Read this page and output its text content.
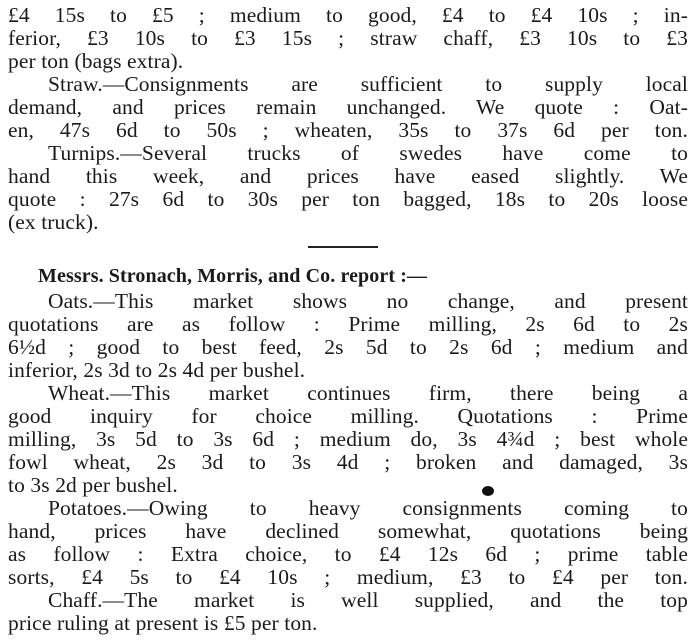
£4 15s to £5 ; medium to good, £4 to £4 10s ; in-
ferior, £3 10s to £3 15s ; straw chaff, £3 10s to £3
per ton (bags extra).
Straw.—Consignments are sufficient to supply local
demand, and prices remain unchanged. We quote : Oat-
en, 47s 6d to 50s ; wheaten, 35s to 37s 6d per ton.
Turnips.—Several trucks of swedes have come to
hand this week, and prices have eased slightly. We
quote : 27s 6d to 30s per ton bagged, 18s to 20s loose
(ex truck).
Messrs. Stronach, Morris, and Co. report :—
Oats.—This market shows no change, and present
quotations are as follow : Prime milling, 2s 6d to 2s
6½d ; good to best feed, 2s 5d to 2s 6d ; medium and
inferior, 2s 3d to 2s 4d per bushel.
Wheat.—This market continues firm, there being a
good inquiry for choice milling. Quotations : Prime
milling, 3s 5d to 3s 6d ; medium do, 3s 4¾d ; best whole
fowl wheat, 2s 3d to 3s 4d ; broken and damaged, 3s
to 3s 2d per bushel.
Potatoes.—Owing to heavy consignments coming to
hand, prices have declined somewhat, quotations being
as follow : Extra choice, to £4 12s 6d ; prime table
sorts, £4 5s to £4 10s ; medium, £3 to £4 per ton.
Chaff.—The market is well supplied, and the top
price ruling at present is £5 per ton.
